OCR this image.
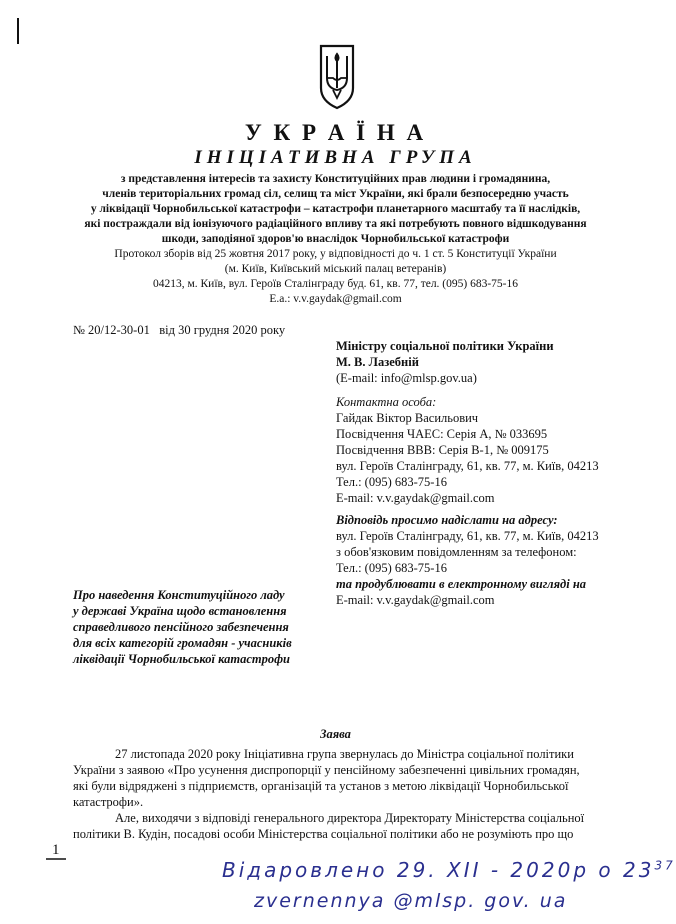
У К Р А Ї Н А
ІНІЦІАТИВНА ГРУПА
з представлення інтересів та захисту Конституційних прав людини і громадянина,
членів територіальних громад сіл, селищ та міст України, які брали безпосередню участь
у ліквідації Чорнобильської катастрофи – катастрофи планетарного масштабу та її наслідків,
які постраждали від іонізуючого радіаційного впливу та які потребують повного відшкодування
шкоди, заподіяної здоров'ю внаслідок Чорнобильської катастрофи
Протокол зборів від 25 жовтня 2017 року, у відповідності до ч. 1 ст. 5 Конституції України
(м. Київ, Київський міський палац ветеранів)
04213, м. Київ, вул. Героїв Сталінграду буд. 61, кв. 77, тел. (095) 683-75-16
Е.а.: v.v.gaydak@gmail.com
№ 20/12-30-01 від 30 грудня 2020 року
Міністру соціальної політики України
М. В. Лазебній
(E-mail: info@mlsp.gov.ua)
Контактна особа:
Гайдак Віктор Васильович
Посвідчення ЧАЕС: Серія А, № 033695
Посвідчення ВВВ: Серія В-1, № 009175
вул. Героїв Сталінграду, 61, кв. 77, м. Київ, 04213
Тел.: (095) 683-75-16
E-mail: v.v.gaydak@gmail.com
Відповідь просимо надіслати на адресу:
вул. Героїв Сталінграду, 61, кв. 77, м. Київ, 04213
з обов'язковим повідомленням за телефоном:
Тел.: (095) 683-75-16
та продублювати в електронному вигляді на
E-mail: v.v.gaydak@gmail.com
Про наведення Конституційного ладу
у державі Україна щодо встановлення
справедливого пенсійного забезпечення
для всіх категорій громадян - учасників
ліквідації Чорнобильської катастрофи
Заява
27 листопада 2020 року Ініціативна група звернулась до Міністра соціальної політики
України з заявою «Про усунення диспропорції у пенсійному забезпеченні цивільних громадян,
які були відряджені з підприємств, організацій та установ з метою ліквідації Чорнобильської
катастрофи».
Але, виходячи з відповіді генерального директора Директорату Міністерства соціальної
політики В. Кудін, посадові особи Міністерства соціальної політики або не розуміють про що
1
Відаровлено 29. XII - 2020р о $23^{37}$
zvernennya @mlsp. gov. ua
